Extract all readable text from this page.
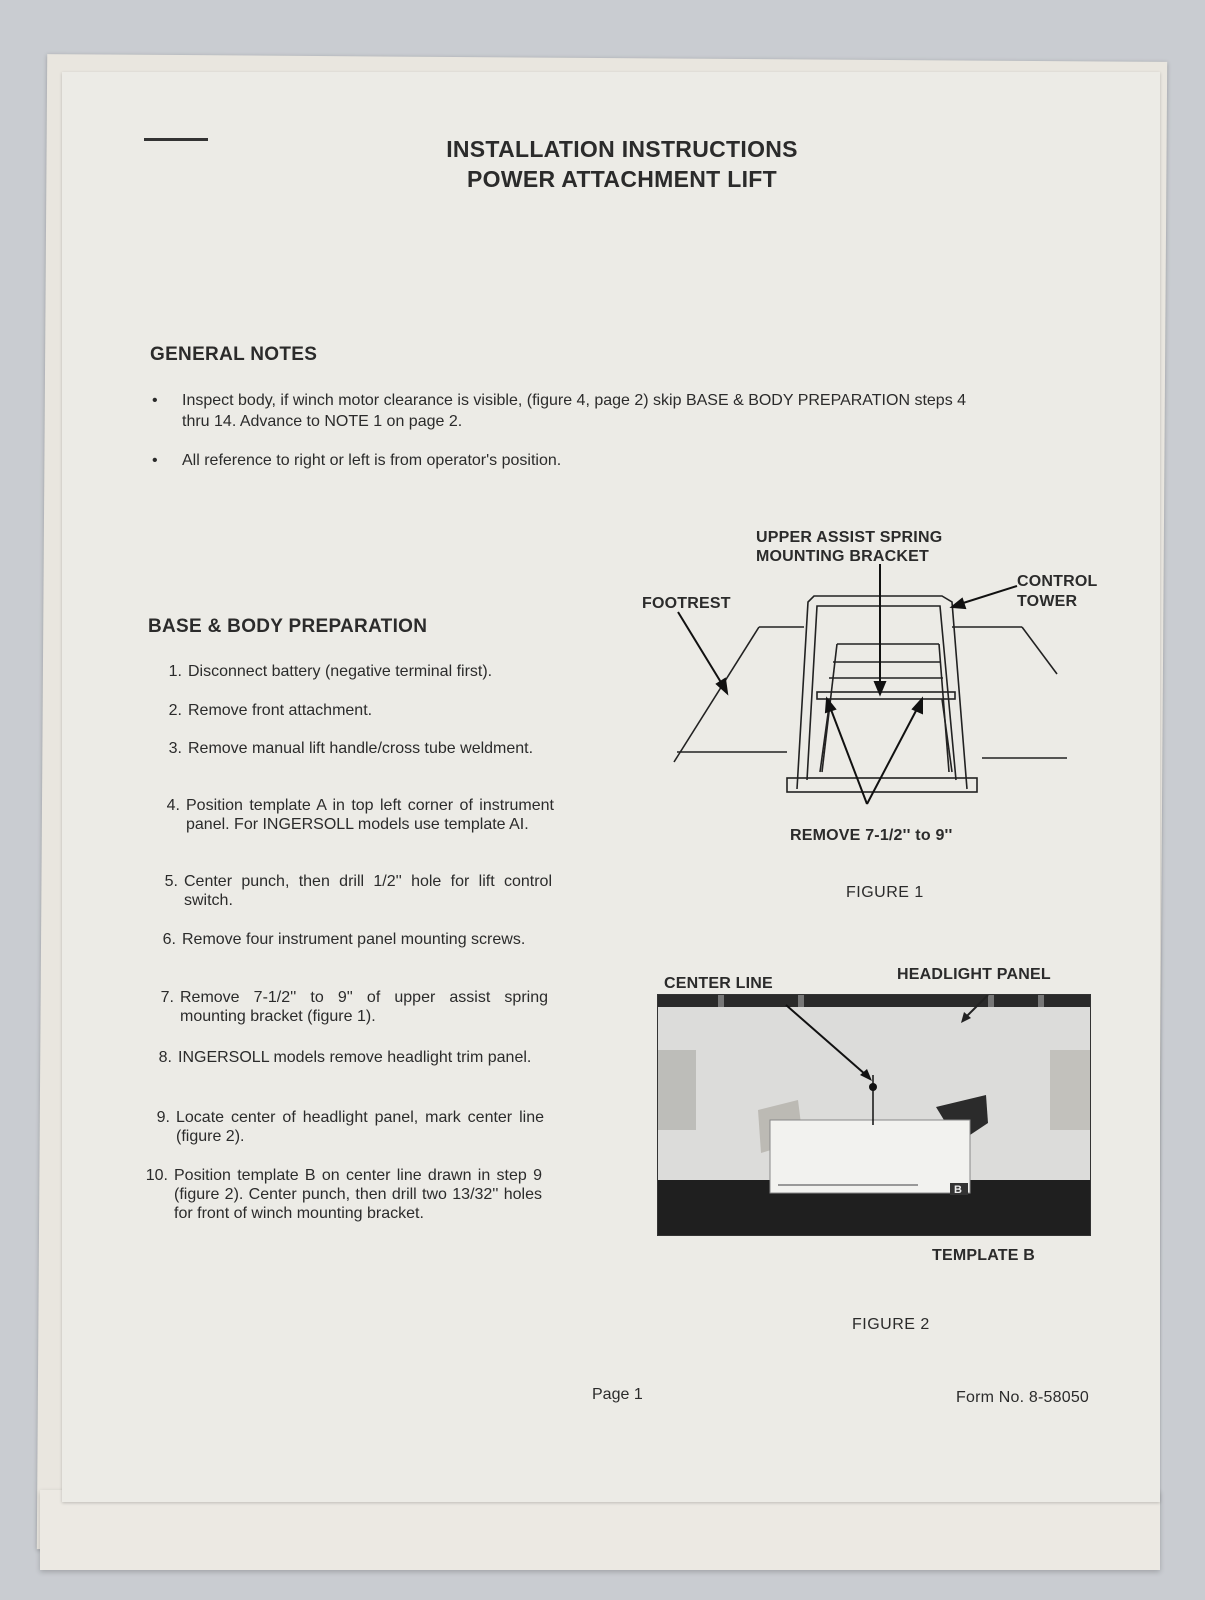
INSTALLATION INSTRUCTIONS
POWER ATTACHMENT LIFT
GENERAL NOTES
• Inspect body, if winch motor clearance is visible, (figure 4, page 2) skip BASE & BODY PREPARATION steps 4 thru 14. Advance to NOTE 1 on page 2.
• All reference to right or left is from operator's position.
BASE & BODY PREPARATION
1. Disconnect battery (negative terminal first).
2. Remove front attachment.
3. Remove manual lift handle/cross tube weldment.
4. Position template A in top left corner of instrument panel. For INGERSOLL models use template AI.
5. Center punch, then drill 1/2'' hole for lift control switch.
6. Remove four instrument panel mounting screws.
7. Remove 7-1/2'' to 9'' of upper assist spring mounting bracket (figure 1).
8. INGERSOLL models remove headlight trim panel.
9. Locate center of headlight panel, mark center line (figure 2).
10. Position template B on center line drawn in step 9 (figure 2). Center punch, then drill two 13/32'' holes for front of winch mounting bracket.
UPPER ASSIST SPRING
MOUNTING BRACKET
CONTROL
TOWER
FOOTREST
REMOVE 7-1/2'' to 9''
FIGURE 1
CENTER LINE
HEADLIGHT PANEL
B
TEMPLATE B
FIGURE 2
Page 1	Form No. 8-58050
